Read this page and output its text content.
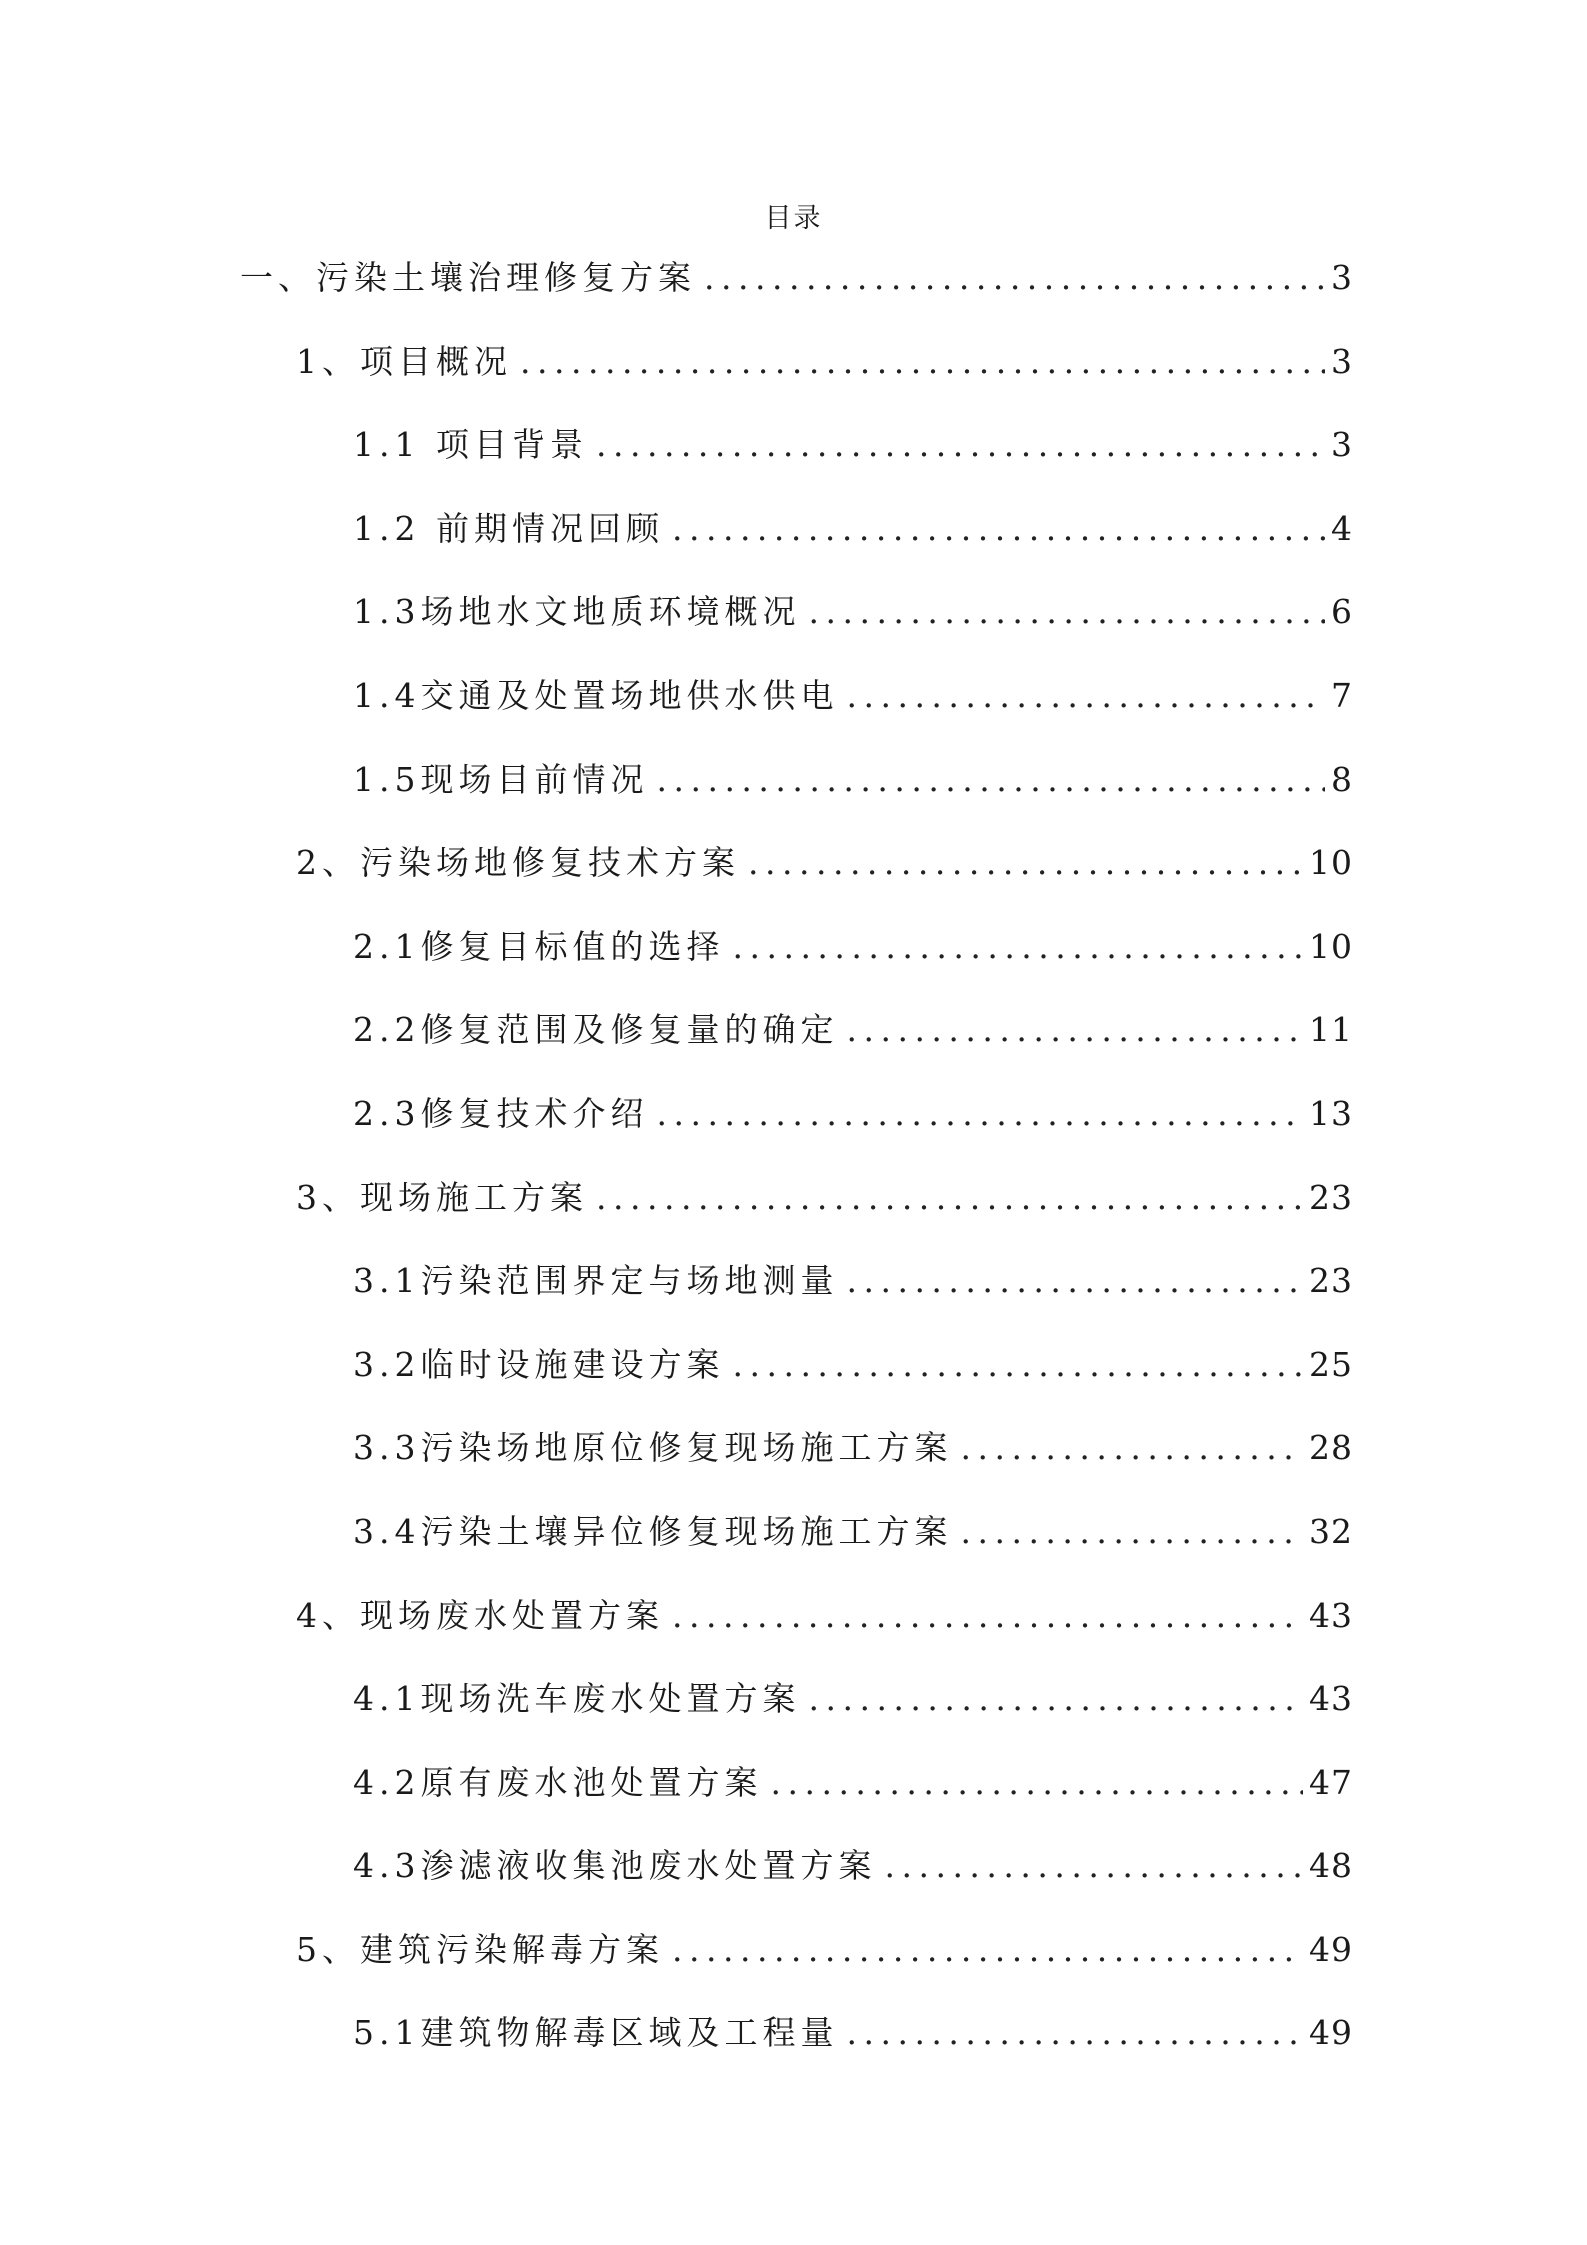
目录
一、污染土壤治理修复方案 .....	3
1、项目概况 .....	3
1.1 项目背景 .....	3
1.2 前期情况回顾 .....	4
1.3场地水文地质环境概况 .....	6
1.4交通及处置场地供水供电 .....	7
1.5现场目前情况 .....	8
2、污染场地修复技术方案 .....	10
2.1修复目标值的选择 .....	10
2.2修复范围及修复量的确定 .....	11
2.3修复技术介绍 .....	13
3、现场施工方案 .....	23
3.1污染范围界定与场地测量 .....	23
3.2临时设施建设方案 .....	25
3.3污染场地原位修复现场施工方案 .....	28
3.4污染土壤异位修复现场施工方案 .....	32
4、现场废水处置方案 .....	43
4.1现场洗车废水处置方案 .....	43
4.2原有废水池处置方案 .....	47
4.3渗滤液收集池废水处置方案 .....	48
5、建筑污染解毒方案 .....	49
5.1建筑物解毒区域及工程量 .....	49
